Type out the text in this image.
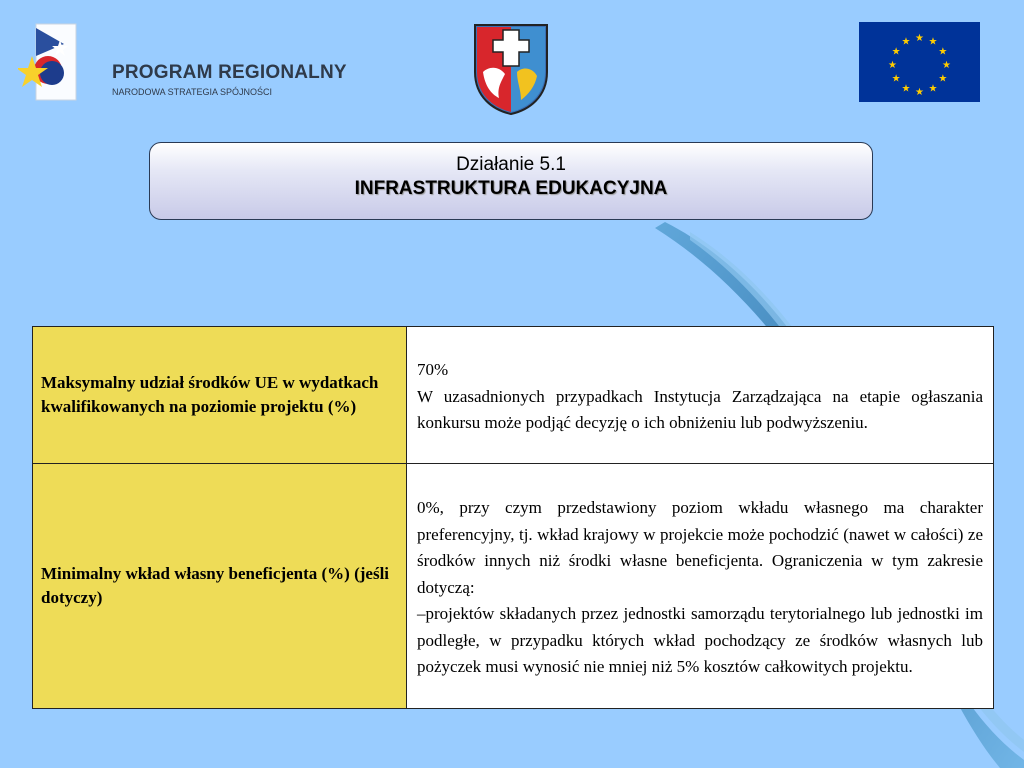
PROGRAM REGIONALNY
NARODOWA STRATEGIA SPÓJNOŚCI
★ ★
★
★
★
★
★
★
★
★
★
★
Działanie 5.1
INFRASTRUKTURA EDUKACYJNA
Maksymalny udział środków UE w wydatkach kwalifikowanych na poziomie projektu (%)	70%

W uzasadnionych przypadkach Instytucja Zarządzająca na etapie ogłaszania konkursu może podjąć decyzję o ich obniżeniu lub podwyższeniu.

Minimalny wkład własny beneficjenta (%) (jeśli dotyczy)	0%, przy czym przedstawiony poziom wkładu własnego ma charakter preferencyjny, tj. wkład krajowy w projekcie może pochodzić (nawet w całości) ze środków innych niż środki własne beneficjenta. Ograniczenia w tym zakresie dotyczą:

–projektów składanych przez jednostki samorządu terytorialnego lub jednostki im podległe, w przypadku których wkład pochodzący ze środków własnych lub pożyczek musi wynosić nie mniej niż 5% kosztów całkowitych projektu.
